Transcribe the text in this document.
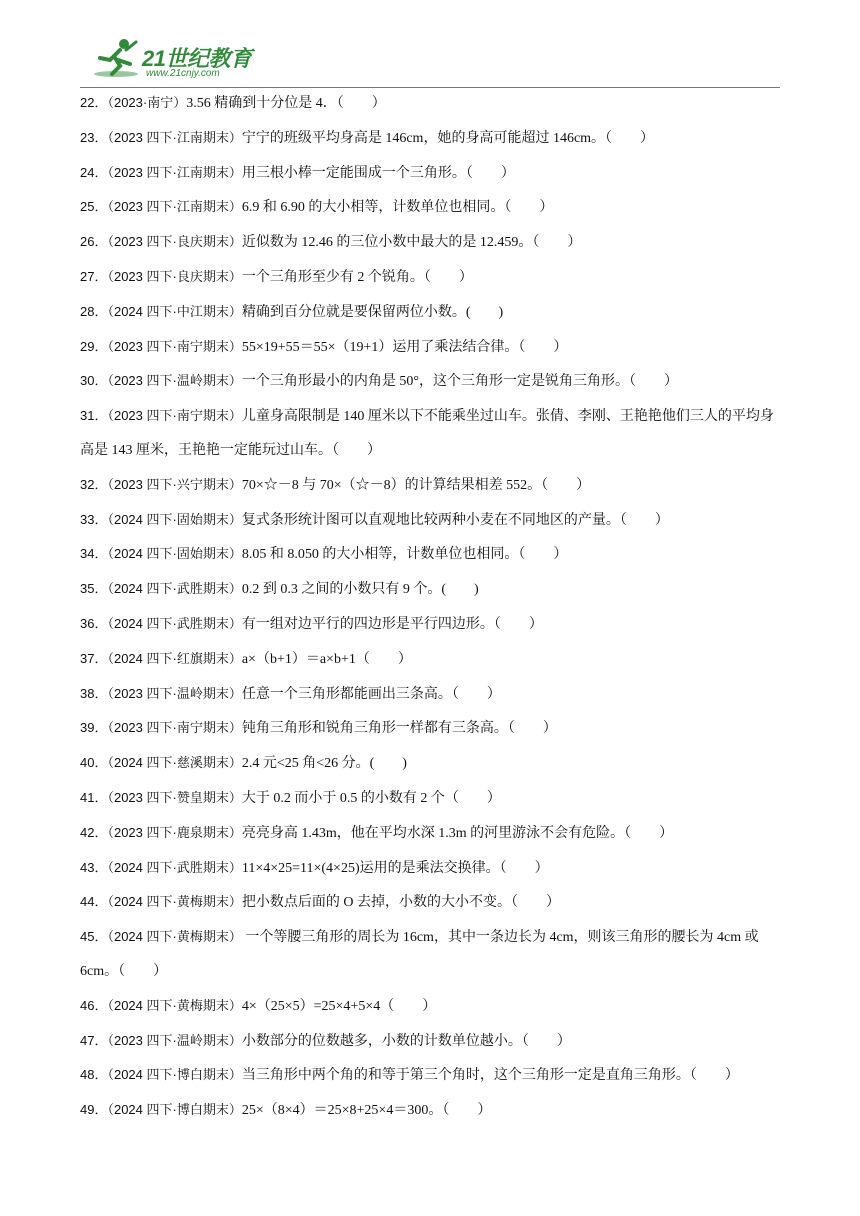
21世纪教育
www.21cnjy.com

22．（2023·南宁）3.56 精确到十分位是 4．（　　）

23．（2023 四下·江南期末）宁宁的班级平均身高是 146cm，她的身高可能超过 146cm。（　　）

24．（2023 四下·江南期末）用三根小棒一定能围成一个三角形。（　　）

25．（2023 四下·江南期末）6.9 和 6.90 的大小相等，计数单位也相同。（　　）

26．（2023 四下·良庆期末）近似数为 12.46 的三位小数中最大的是 12.459。（　　）

27．（2023 四下·良庆期末）一个三角形至少有 2 个锐角。（　　）

28．（2024 四下·中江期末）精确到百分位就是要保留两位小数。(　　)

29．（2023 四下·南宁期末）55×19+55＝55×（19+1）运用了乘法结合律。（　　）

30．（2023 四下·温岭期末）一个三角形最小的内角是 50°，这个三角形一定是锐角三角形。（　　）

31．（2023 四下·南宁期末）儿童身高限制是 140 厘米以下不能乘坐过山车。张倩、李刚、王艳艳他们三人的平均身高是 143 厘米，王艳艳一定能玩过山车。（　　）

32．（2023 四下·兴宁期末）70×☆－8 与 70×（☆－8）的计算结果相差 552。（　　）

33．（2024 四下·固始期末）复式条形统计图可以直观地比较两种小麦在不同地区的产量。（　　）

34．（2024 四下·固始期末）8.05 和 8.050 的大小相等，计数单位也相同。（　　）

35．（2024 四下·武胜期末）0.2 到 0.3 之间的小数只有 9 个。(　　)

36．（2024 四下·武胜期末）有一组对边平行的四边形是平行四边形。（　　）

37．（2024 四下·红旗期末）a×（b+1）＝a×b+1（　　）

38．（2023 四下·温岭期末）任意一个三角形都能画出三条高。（　　）

39．（2023 四下·南宁期末）钝角三角形和锐角三角形一样都有三条高。（　　）

40．（2024 四下·慈溪期末）2.4 元<25 角<26 分。(　　)

41．（2023 四下·赞皇期末）大于 0.2 而小于 0.5 的小数有 2 个（　　）

42．（2023 四下·鹿泉期末）亮亮身高 1.43m，他在平均水深 1.3m 的河里游泳不会有危险。（　　）

43．（2024 四下·武胜期末）11×4×25=11×(4×25)运用的是乘法交换律。（　　）

44．（2024 四下·黄梅期末）把小数点后面的 O 去掉，小数的大小不变。（　　）

45．（2024 四下·黄梅期末） 一个等腰三角形的周长为 16cm，其中一条边长为 4cm，则该三角形的腰长为 4cm 或 6cm。（　　）

46．（2024 四下·黄梅期末）4×（25×5）=25×4+5×4（　　）

47．（2023 四下·温岭期末）小数部分的位数越多，小数的计数单位越小。（　　）

48．（2024 四下·博白期末）当三角形中两个角的和等于第三个角时，这个三角形一定是直角三角形。（　　）

49．（2024 四下·博白期末）25×（8×4）＝25×8+25×4＝300。（　　）
